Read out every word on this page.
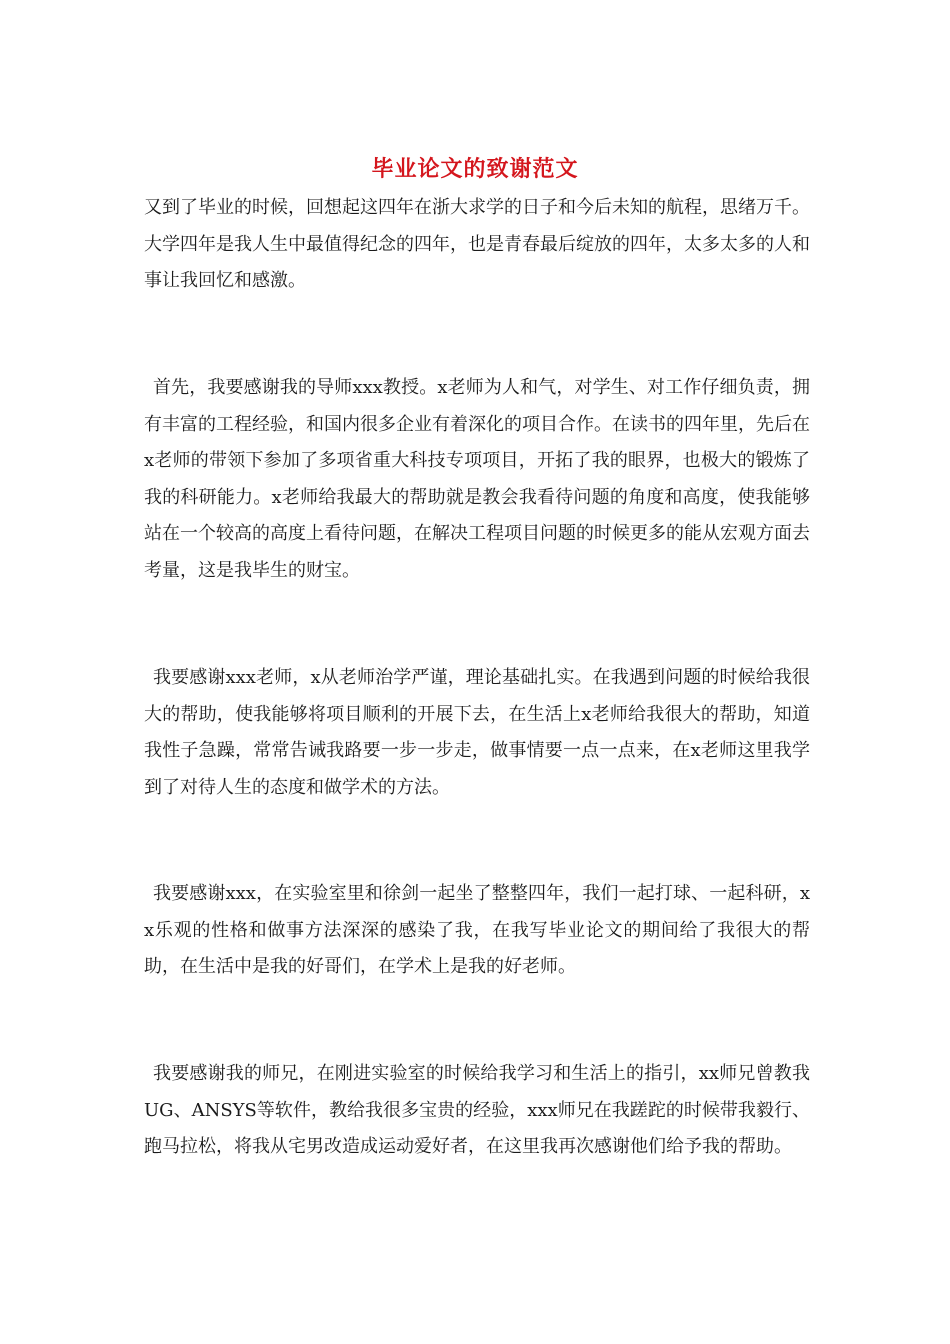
毕业论文的致谢范文

又到了毕业的时候，回想起这四年在浙大求学的日子和今后未知的航程，思绪万千。大学四年是我人生中最值得纪念的四年，也是青春最后绽放的四年，太多太多的人和事让我回忆和感激。

首先，我要感谢我的导师xxx教授。x老师为人和气，对学生、对工作仔细负责，拥有丰富的工程经验，和国内很多企业有着深化的项目合作。在读书的四年里，先后在x老师的带领下参加了多项省重大科技专项项目，开拓了我的眼界，也极大的锻炼了我的科研能力。x老师给我最大的帮助就是教会我看待问题的角度和高度，使我能够站在一个较高的高度上看待问题，在解决工程项目问题的时候更多的能从宏观方面去考量，这是我毕生的财宝。

我要感谢xxx老师，x从老师治学严谨，理论基础扎实。在我遇到问题的时候给我很大的帮助，使我能够将项目顺利的开展下去，在生活上x老师给我很大的帮助，知道我性子急躁，常常告诫我路要一步一步走，做事情要一点一点来，在x老师这里我学到了对待人生的态度和做学术的方法。

我要感谢xxx，在实验室里和徐剑一起坐了整整四年，我们一起打球、一起科研，xx乐观的性格和做事方法深深的感染了我，在我写毕业论文的期间给了我很大的帮助，在生活中是我的好哥们，在学术上是我的好老师。

我要感谢我的师兄，在刚进实验室的时候给我学习和生活上的指引，xx师兄曾教我UG、ANSYS等软件，教给我很多宝贵的经验，xxx师兄在我蹉跎的时候带我毅行、跑马拉松，将我从宅男改造成运动爱好者，在这里我再次感谢他们给予我的帮助。
